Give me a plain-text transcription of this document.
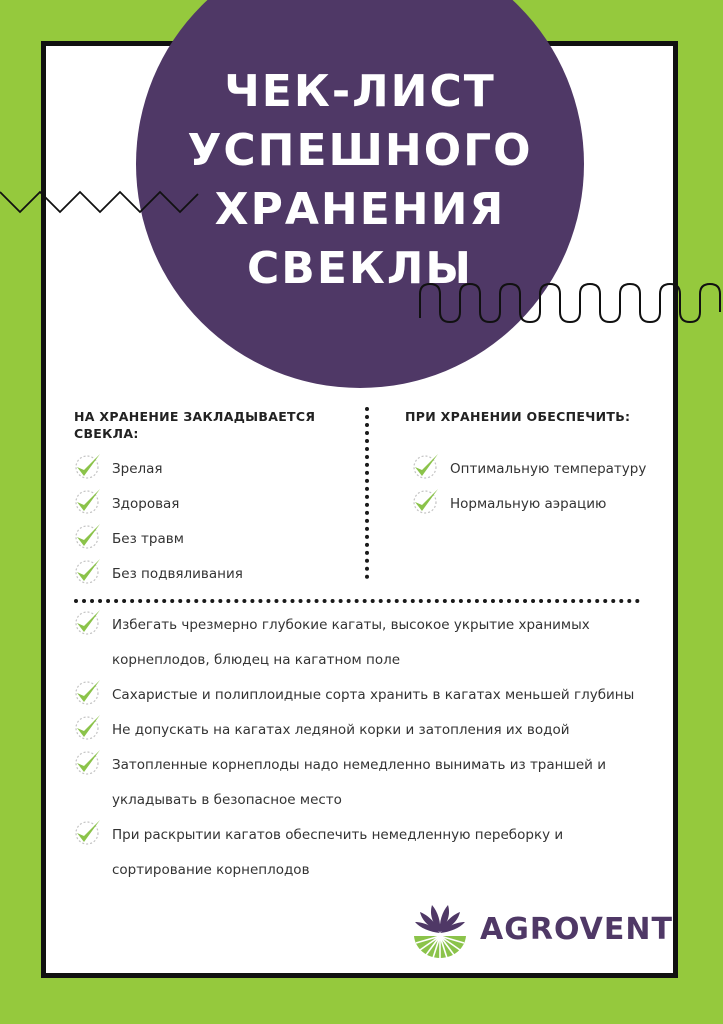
ЧЕК-ЛИСТ
УСПЕШНОГО
ХРАНЕНИЯ
СВЕКЛЫ
НА ХРАНЕНИЕ ЗАКЛАДЫВАЕТСЯ СВЕКЛА:
ПРИ ХРАНЕНИИ ОБЕСПЕЧИТЬ:
Зрелая
Здоровая
Без травм
Без подвяливания
Оптимальную температуру
Нормальную аэрацию
Избегать чрезмерно глубокие кагаты, высокое укрытие хранимых корнеплодов, блюдец на кагатном поле
Сахаристые и полиплоидные сорта хранить в кагатах меньшей глубины
Не допускать на кагатах ледяной корки и затопления их водой
Затопленные корнеплоды надо немедленно вынимать из траншей и укладывать в безопасное место
При раскрытии кагатов обеспечить немедленную переборку и сортирование корнеплодов

AGROVENT
